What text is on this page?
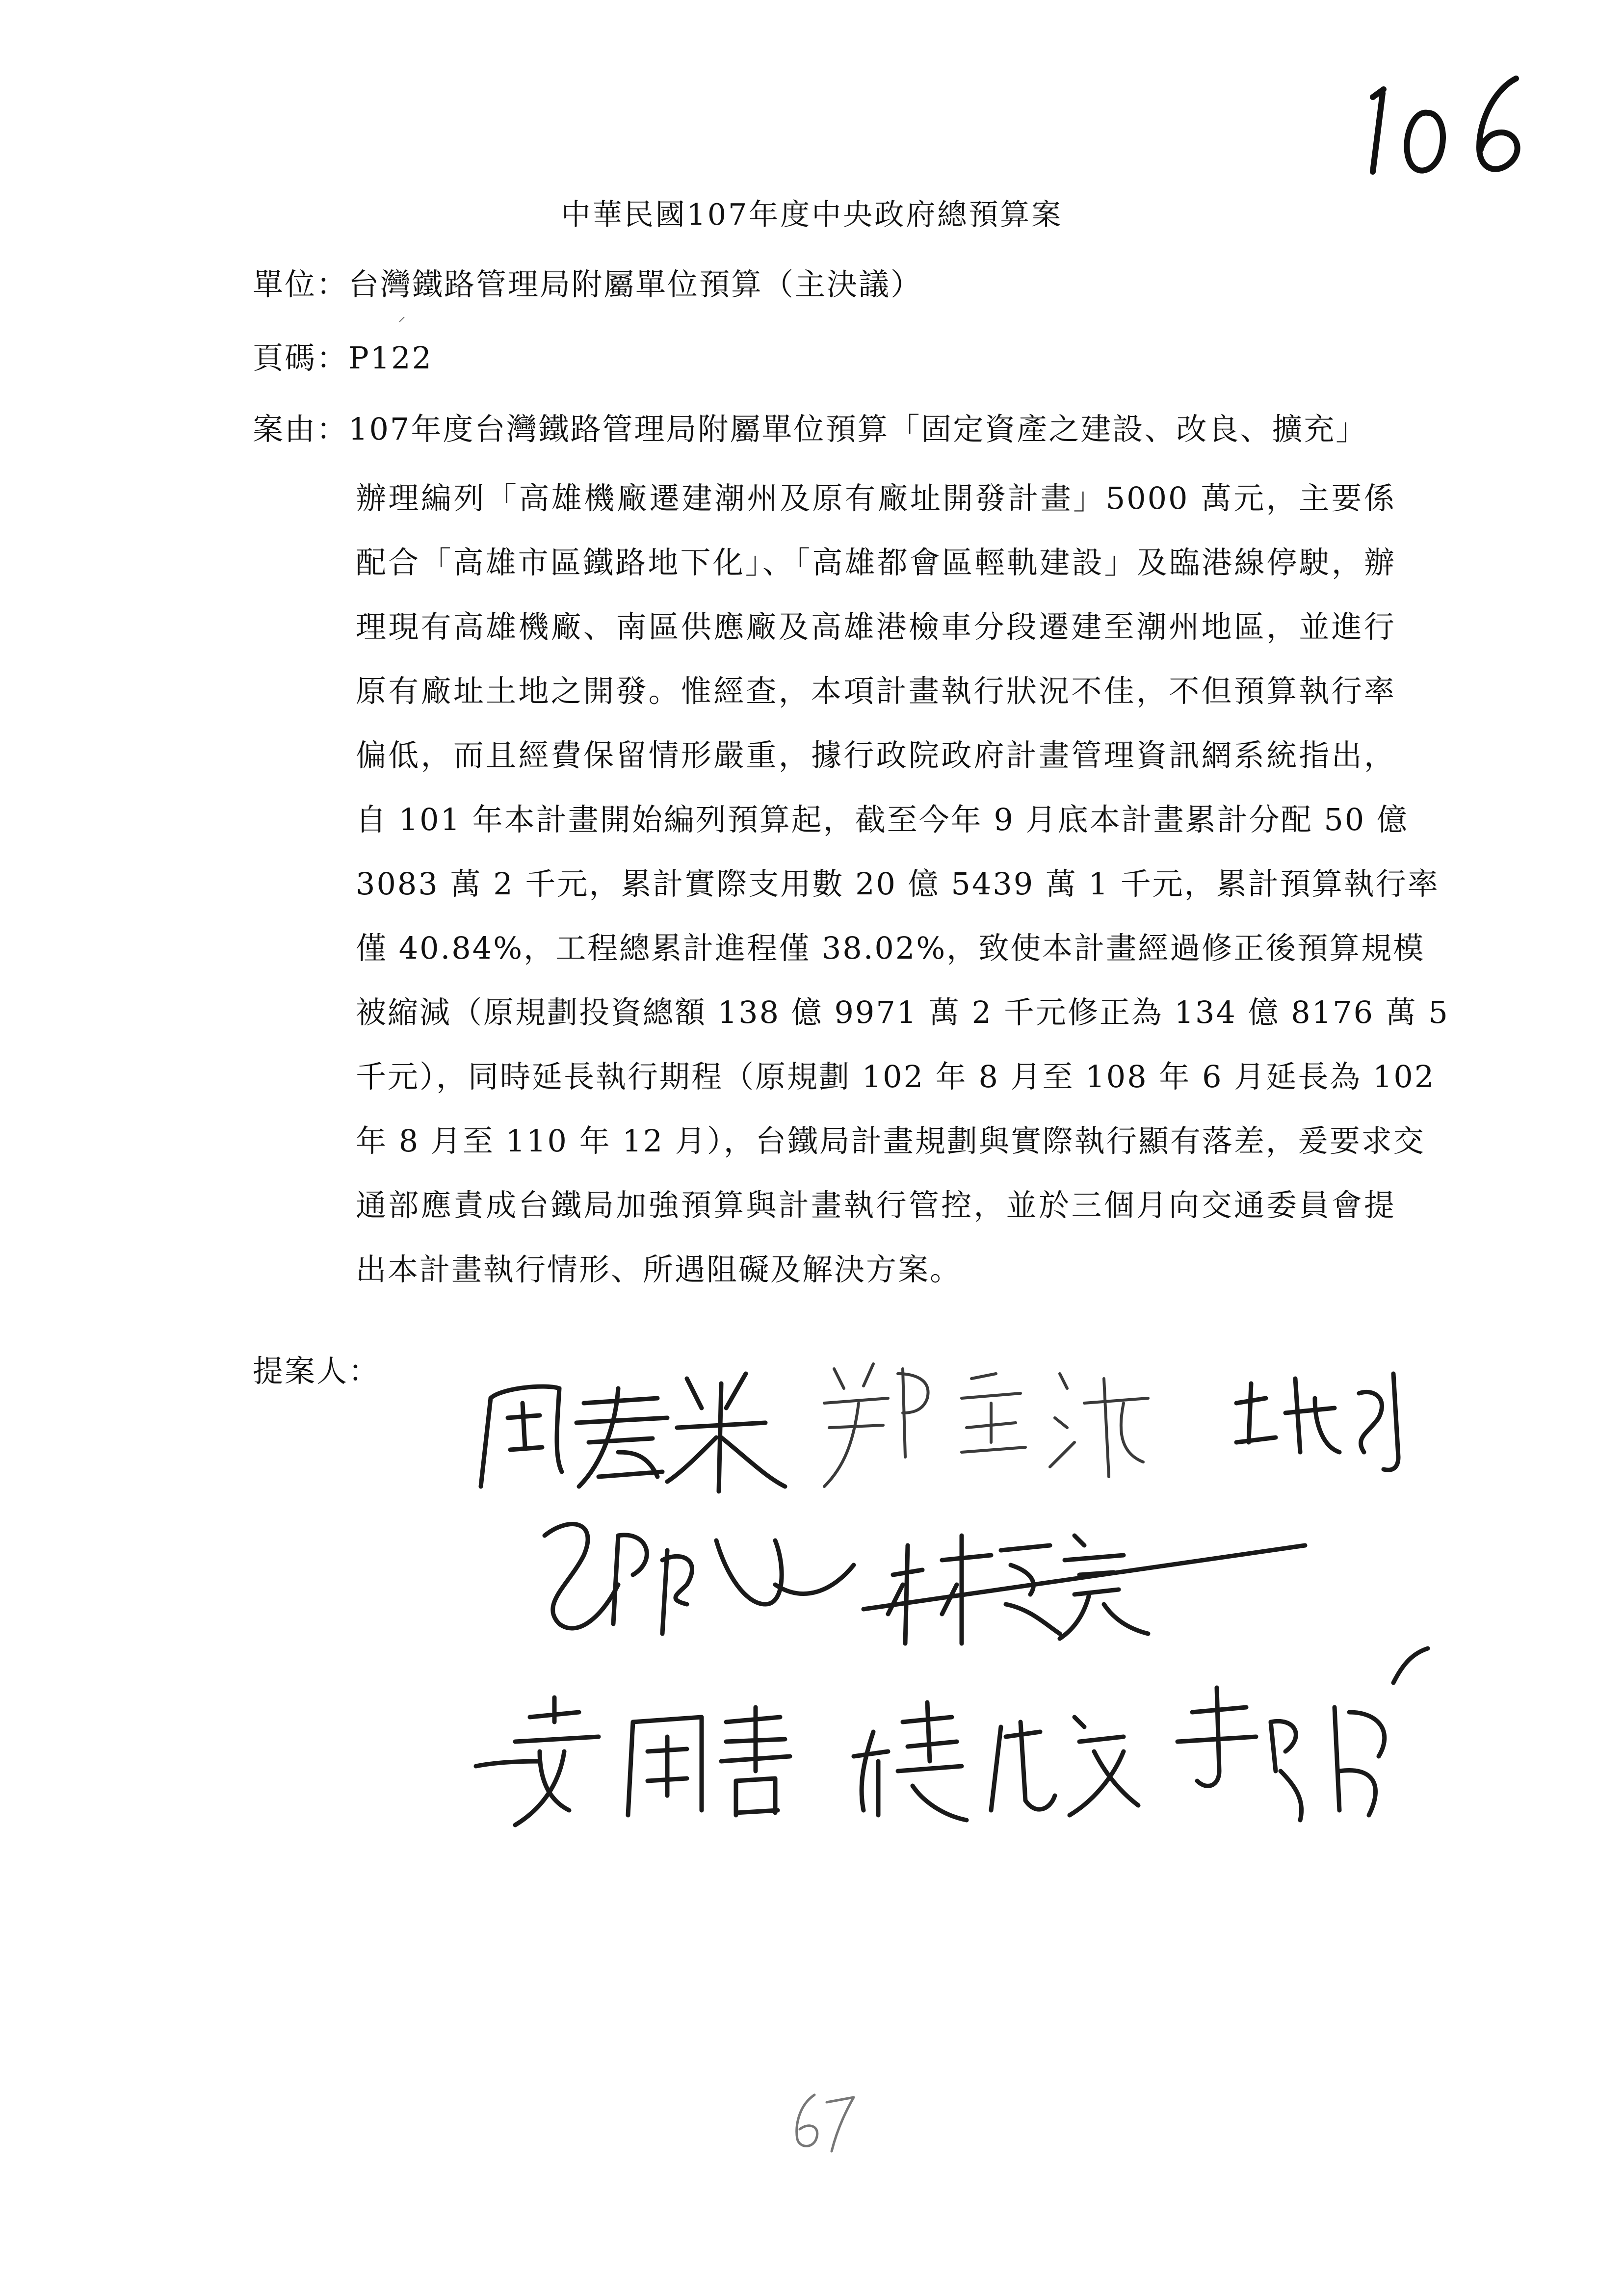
中華民國107年度中央政府總預算案
單位：台灣鐵路管理局附屬單位預算（主決議）
頁碼：P122
案由：107年度台灣鐵路管理局附屬單位預算「固定資產之建設、改良、擴充」
辦理編列「高雄機廠遷建潮州及原有廠址開發計畫」5000 萬元，主要係
配合「高雄市區鐵路地下化」、「高雄都會區輕軌建設」及臨港線停駛，辦
理現有高雄機廠、南區供應廠及高雄港檢車分段遷建至潮州地區，並進行
原有廠址土地之開發。惟經查，本項計畫執行狀況不佳，不但預算執行率
偏低，而且經費保留情形嚴重，據行政院政府計畫管理資訊網系統指出，
自 101 年本計畫開始編列預算起，截至今年 9 月底本計畫累計分配 50 億
3083 萬 2 千元，累計實際支用數 20 億 5439 萬 1 千元，累計預算執行率
僅 40.84%，工程總累計進程僅 38.02%，致使本計畫經過修正後預算規模
被縮減（原規劃投資總額 138 億 9971 萬 2 千元修正為 134 億 8176 萬 5
千元），同時延長執行期程（原規劃 102 年 8 月至 108 年 6 月延長為 102
年 8 月至 110 年 12 月），台鐵局計畫規劃與實際執行顯有落差，爰要求交
通部應責成台鐵局加強預算與計畫執行管控，並於三個月向交通委員會提
出本計畫執行情形、所遇阻礙及解決方案。
提案人：
